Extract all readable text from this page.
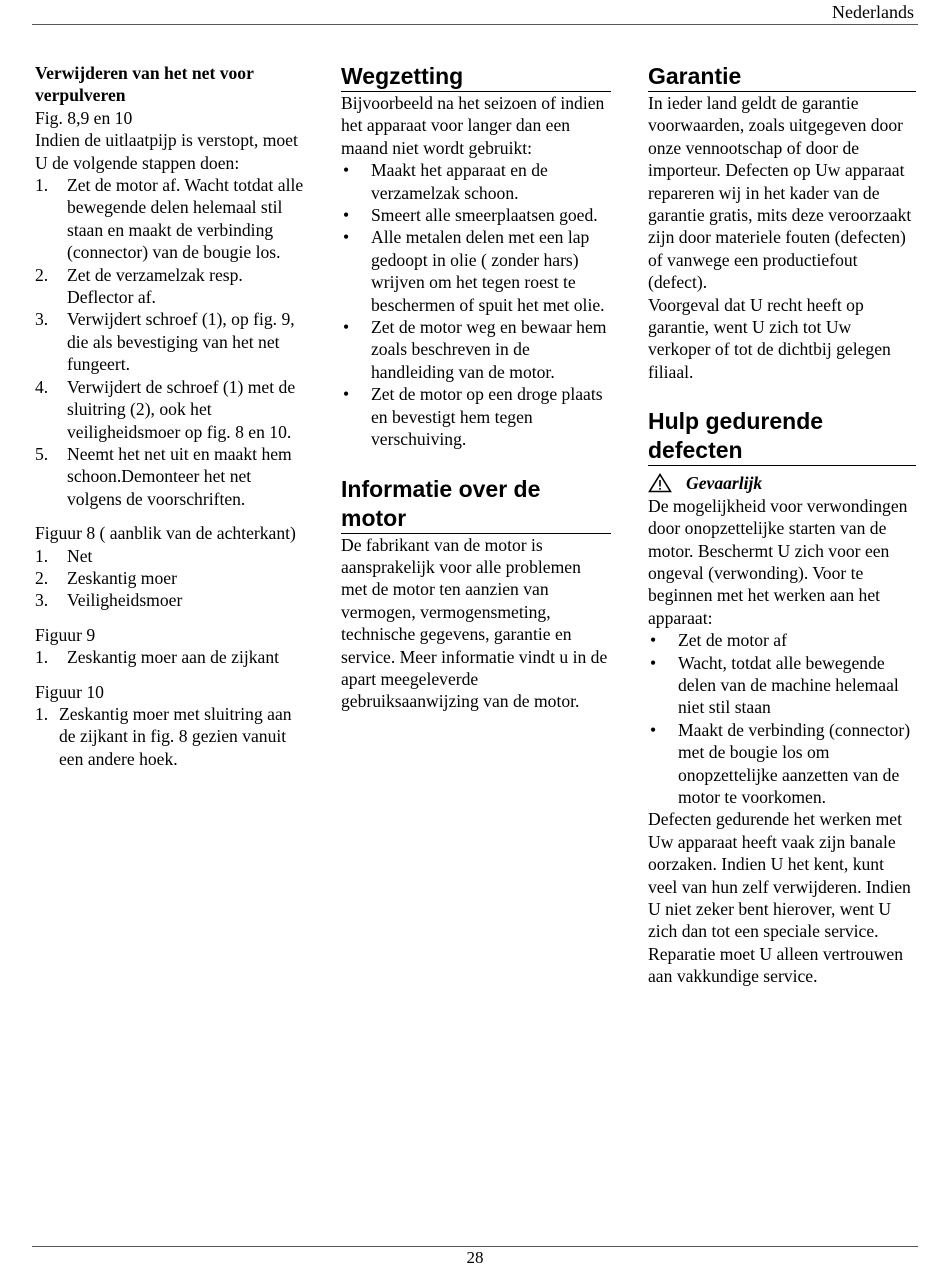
Nederlands

Verwijderen van het net voor verpulveren

Fig. 8,9 en 10

Indien de uitlaatpijp is verstopt, moet U de volgende stappen doen:

1. Zet de motor af. Wacht totdat alle bewegende delen helemaal stil staan en maakt de verbinding (connector) van de bougie los.
2. Zet de verzamelzak resp. Deflector af.
3. Verwijdert schroef (1), op fig. 9, die als bevestiging van het net fungeert.
4. Verwijdert de schroef (1) met de sluitring (2), ook het veiligheidsmoer op fig. 8 en 10.
5. Neemt het net uit en maakt hem schoon.Demonteer het net volgens de voorschriften.

Figuur 8 ( aanblik van de achterkant)

1. Net
2. Zeskantig moer
3. Veiligheidsmoer

Figuur 9

1. Zeskantig moer aan de zijkant

Figuur 10

1. Zeskantig moer met sluitring aan de zijkant in fig. 8 gezien vanuit een andere hoek.
Wegzetting

Bijvoorbeeld na het seizoen of indien het apparaat voor langer dan een maand niet wordt gebruikt:

• Maakt het apparaat en de verzamelzak schoon.
• Smeert alle smeerplaatsen goed.
• Alle metalen delen met een lap gedoopt in olie ( zonder hars) wrijven om het tegen roest te beschermen of spuit het met olie.
• Zet de motor weg en bewaar hem zoals beschreven in de handleiding van de motor.
• Zet de motor op een droge plaats en bevestigt hem tegen verschuiving.
Informatie over de motor

De fabrikant van de motor is aansprakelijk voor alle problemen met de motor ten aanzien van vermogen, vermogensmeting, technische gegevens, garantie en service. Meer informatie vindt u in de apart meegeleverde gebruiksaanwijzing van de motor.

Garantie

In ieder land geldt de garantie voorwaarden, zoals uitgegeven door onze vennootschap of door de importeur. Defecten op Uw apparaat repareren wij in het kader van de garantie gratis, mits deze veroorzaakt zijn door materiele fouten (defecten) of vanwege een productiefout (defect).

Voorgeval dat U recht heeft op garantie, went U zich tot Uw verkoper of tot de dichtbij gelegen filiaal.

Hulp gedurende defecten
Gevaarlijk

De mogelijkheid voor verwondingen door onopzettelijke starten van de motor. Beschermt U zich voor een ongeval (verwonding). Voor te beginnen met het werken aan het apparaat:

• Zet de motor af
• Wacht, totdat alle bewegende delen van de machine helemaal niet stil staan
• Maakt de verbinding (connector) met de bougie los om onopzettelijke aanzetten van de motor te voorkomen.

Defecten gedurende het werken met Uw apparaat heeft vaak zijn banale oorzaken. Indien U het kent, kunt veel van hun zelf verwijderen. Indien U niet zeker bent hierover, went U zich dan tot een speciale service. Reparatie moet U alleen vertrouwen aan vakkundige service.

28
